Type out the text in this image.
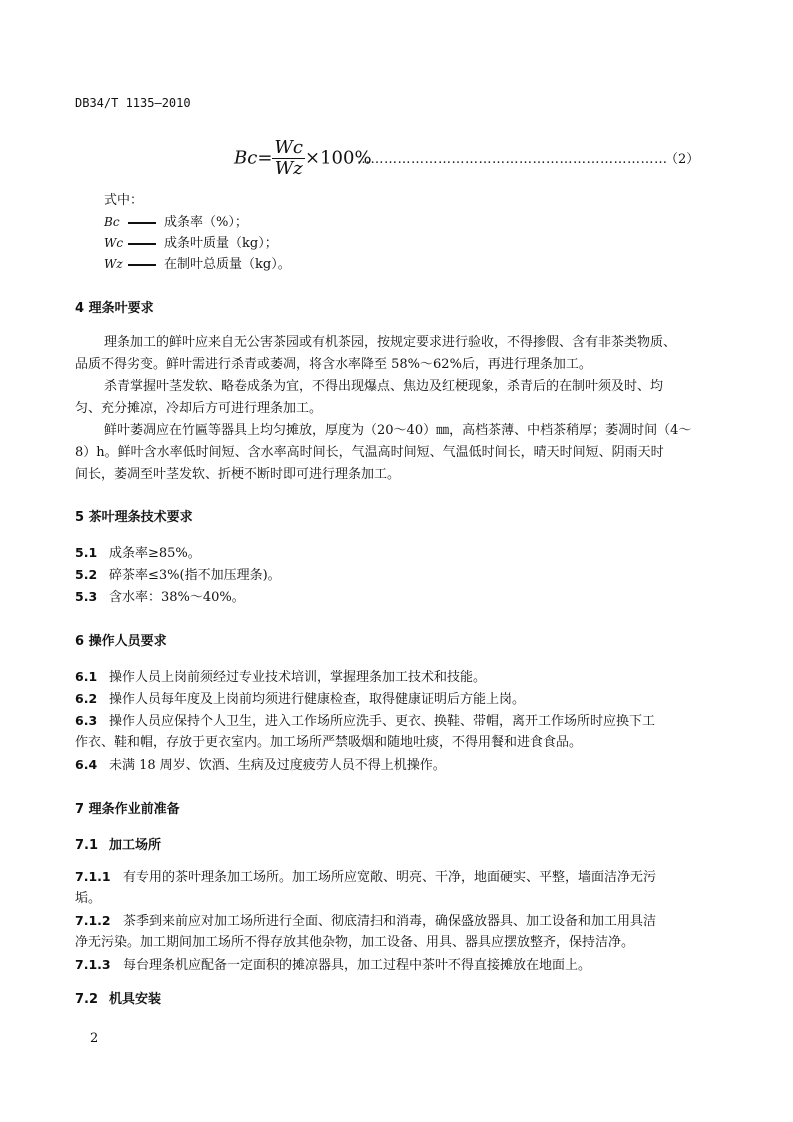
DB34/T 1135—2010
$Bc= \frac{Wc}{Wz} \times 100\%$
……………………………………………………………
（2）
式中：
Bc	成条率（%）；
Wc	成条叶质量（kg）；
Wz	在制叶总质量（kg）。
4 理条叶要求
理条加工的鲜叶应来自无公害茶园或有机茶园，按规定要求进行验收，不得掺假、含有非茶类物质、
品质不得劣变。鲜叶需进行杀青或萎凋，将含水率降至 58%～62%后，再进行理条加工。
杀青掌握叶茎发软、略卷成条为宜，不得出现爆点、焦边及红梗现象，杀青后的在制叶须及时、均
匀、充分摊凉，冷却后方可进行理条加工。
鲜叶萎凋应在竹匾等器具上均匀摊放，厚度为（20～40）㎜，高档茶薄、中档茶稍厚；萎凋时间（4～
8）h。鲜叶含水率低时间短、含水率高时间长，气温高时间短、气温低时间长，晴天时间短、阴雨天时
间长，萎凋至叶茎发软、折梗不断时即可进行理条加工。
5 茶叶理条技术要求
5.1 成条率≥85%。
5.2 碎茶率≤3%(指不加压理条)。
5.3 含水率：38%～40%。
6 操作人员要求
6.1 操作人员上岗前须经过专业技术培训，掌握理条加工技术和技能。
6.2 操作人员每年度及上岗前均须进行健康检查，取得健康证明后方能上岗。
6.3 操作人员应保持个人卫生，进入工作场所应洗手、更衣、换鞋、带帽，离开工作场所时应换下工
作衣、鞋和帽，存放于更衣室内。加工场所严禁吸烟和随地吐痰，不得用餐和进食食品。
6.4 未满 18 周岁、饮酒、生病及过度疲劳人员不得上机操作。
7 理条作业前准备
7.1 加工场所
7.1.1 有专用的茶叶理条加工场所。加工场所应宽敞、明亮、干净，地面硬实、平整，墙面洁净无污
垢。
7.1.2 茶季到来前应对加工场所进行全面、彻底清扫和消毒，确保盛放器具、加工设备和加工用具洁
净无污染。加工期间加工场所不得存放其他杂物，加工设备、用具、器具应摆放整齐，保持洁净。
7.1.3 每台理条机应配备一定面积的摊凉器具，加工过程中茶叶不得直接摊放在地面上。
7.2 机具安装
2
